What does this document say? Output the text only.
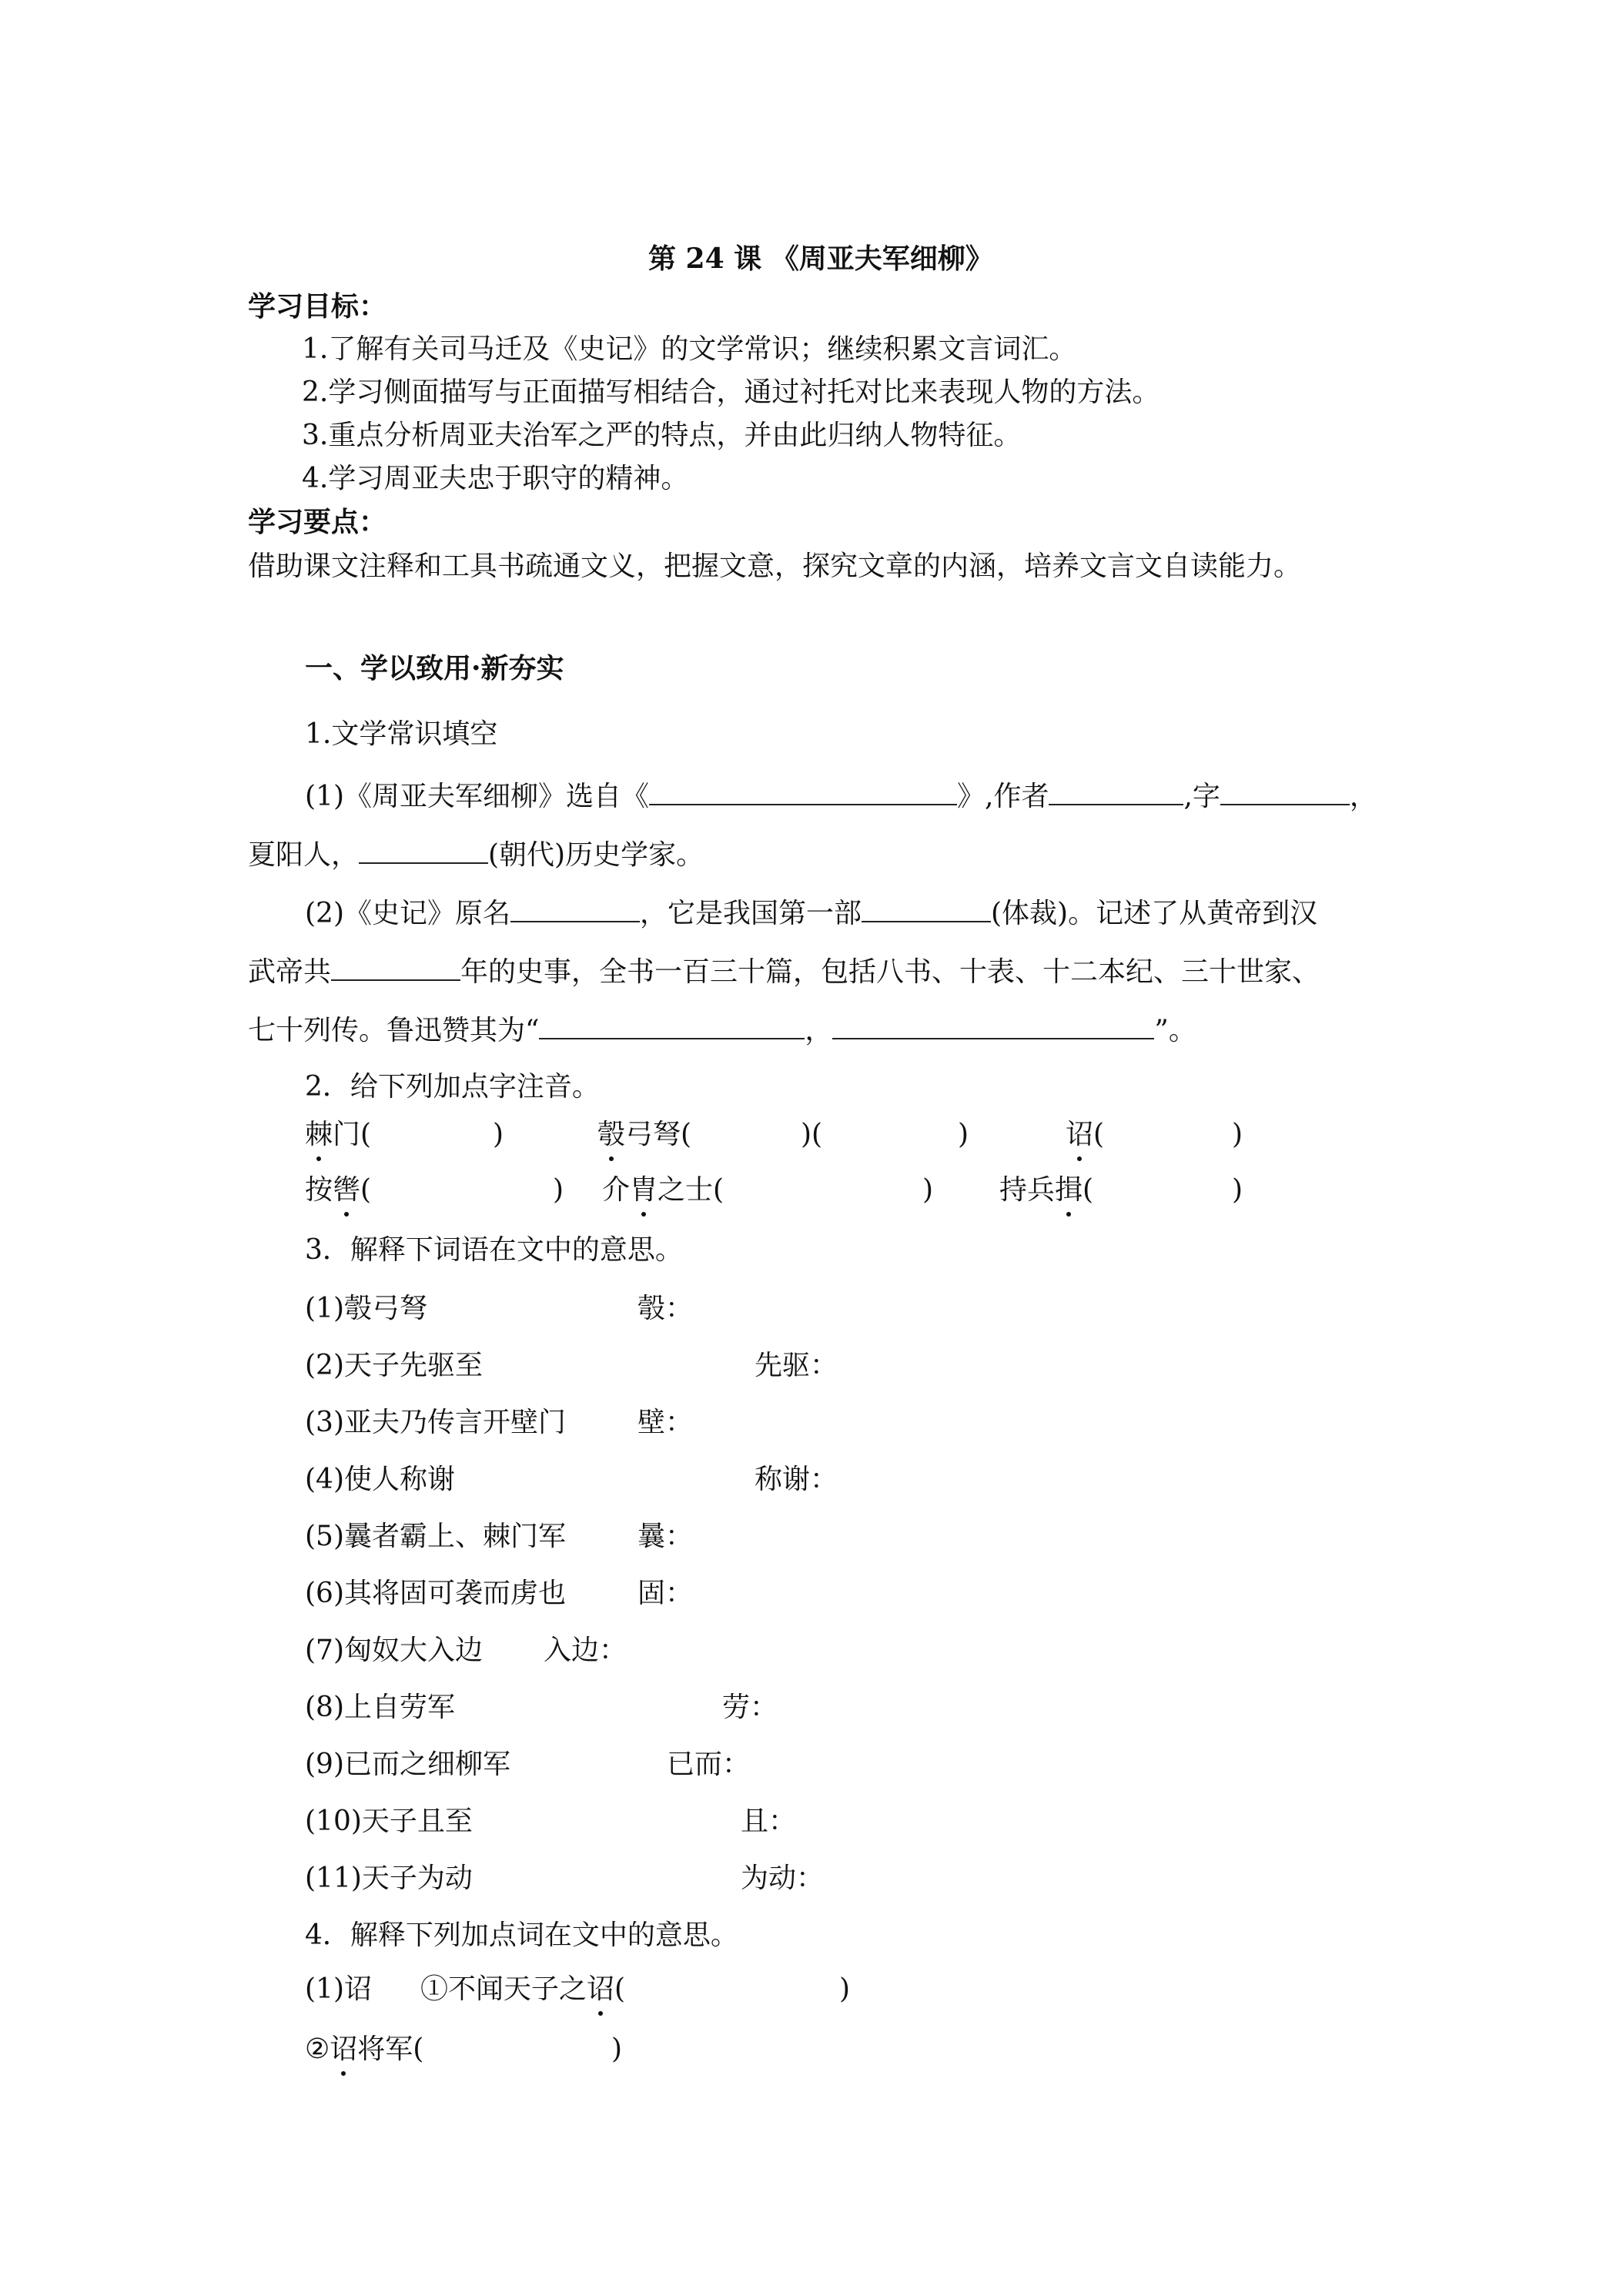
第 24 课 《周亚夫军细柳》
学习目标：
1.了解有关司马迁及《史记》的文学常识；继续积累文言词汇。
2.学习侧面描写与正面描写相结合，通过衬托对比来表现人物的方法。
3.重点分析周亚夫治军之严的特点，并由此归纳人物特征。
4.学习周亚夫忠于职守的精神。
学习要点：
借助课文注释和工具书疏通文义，把握文意，探究文章的内涵，培养文言文自读能力。
一、学以致用·新夯实
1.文学常识填空
(1)《周亚夫军细柳》选自《	》,作者	,字	，
夏阳人，	(朝代)历史学家。
(2)《史记》原名	，它是我国第一部	(体裁)。记述了从黄帝到汉
武帝共	年的史事，全书一百三十篇，包括八书、十表、十二本纪、三十世家、
七十列传。鲁迅赞其为“	，	”。
2．给下列加点字注音。
棘门(	)	彀弓弩(	)(	)	诏(	)
按辔(	) 介胄之士(	) 持兵揖(	)
3．解释下词语在文中的意思。
(1)彀弓弩	彀：
(2)天子先驱至	先驱：
(3)亚夫乃传言开壁门	壁：
(4)使人称谢	称谢：
(5)曩者霸上、棘门军	曩：
(6)其将固可袭而虏也	固：
(7)匈奴大入边 入边：
(8)上自劳军	劳：
(9)已而之细柳军	已而：
(10)天子且至	且：
(11)天子为动	为动：
4．解释下列加点词在文中的意思。
(1)诏 ①不闻天子之诏(	)
②诏将军(	)
